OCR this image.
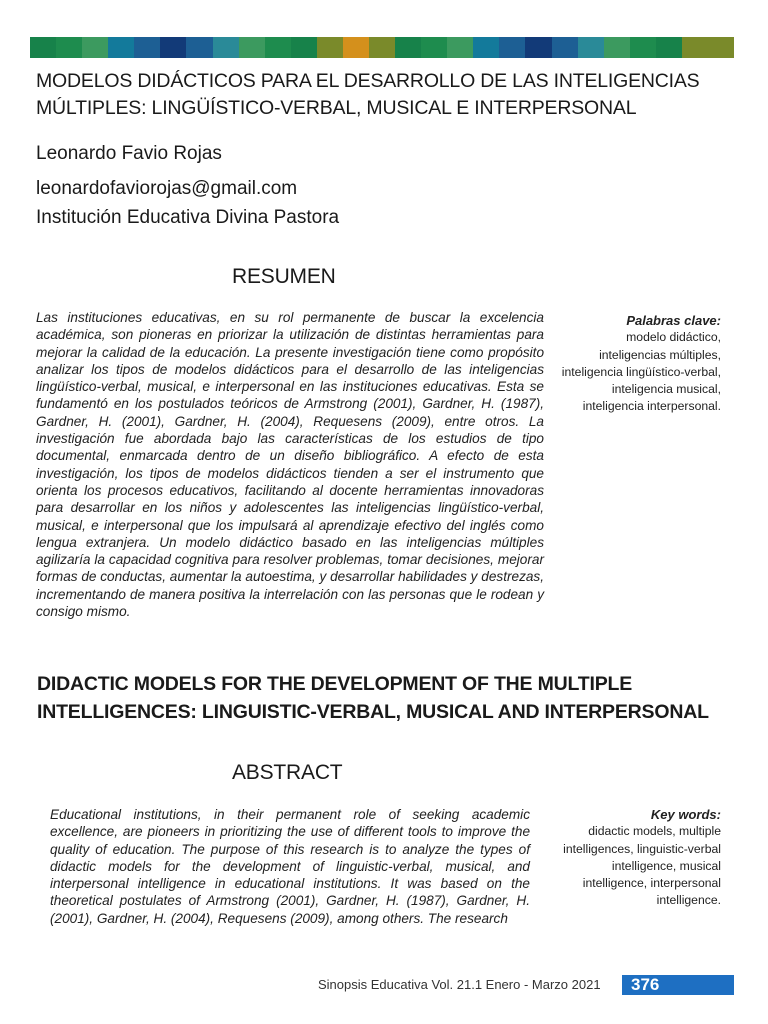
MODELOS DIDÁCTICOS PARA EL DESARROLLO DE LAS INTELIGENCIAS MÚLTIPLES: LINGÜÍSTICO-VERBAL, MUSICAL E INTERPERSONAL

Leonardo Favio Rojas

leonardofaviorojas@gmail.com

Institución Educativa Divina Pastora

RESUMEN

Las instituciones educativas, en su rol permanente de buscar la excelencia académica, son pioneras en priorizar la utilización de distintas herramientas para mejorar la calidad de la educación. La presente investigación tiene como propósito analizar los tipos de modelos didácticos para el desarrollo de las inteligencias lingüístico-verbal, musical, e interpersonal en las instituciones educativas. Esta se fundamentó en los postulados teóricos de Armstrong (2001), Gardner, H. (1987), Gardner, H. (2001), Gardner, H. (2004), Requesens (2009), entre otros. La investigación fue abordada bajo las características de los estudios de tipo documental, enmarcada dentro de un diseño bibliográfico. A efecto de esta investigación, los tipos de modelos didácticos tienden a ser el instrumento que orienta los procesos educativos, facilitando al docente herramientas innovadoras para desarrollar en los niños y adolescentes las inteligencias lingüístico-verbal, musical, e interpersonal que los impulsará al aprendizaje efectivo del inglés como lengua extranjera. Un modelo didáctico basado en las inteligencias múltiples agilizaría la capacidad cognitiva para resolver problemas, tomar decisiones, mejorar formas de conductas, aumentar la autoestima, y desarrollar habilidades y destrezas, incrementando de manera positiva la interrelación con las personas que le rodean y consigo mismo.

Palabras clave:
modelo didáctico, inteligencias múltiples, inteligencia lingüístico-verbal, inteligencia musical, inteligencia interpersonal.
DIDACTIC MODELS FOR THE DEVELOPMENT OF THE MULTIPLE INTELLIGENCES: LINGUISTIC-VERBAL, MUSICAL AND INTERPERSONAL
ABSTRACT

Educational institutions, in their permanent role of seeking academic excellence, are pioneers in prioritizing the use of different tools to improve the quality of education. The purpose of this research is to analyze the types of didactic models for the development of linguistic-verbal, musical, and interpersonal intelligence in educational institutions. It was based on the theoretical postulates of Armstrong (2001), Gardner, H. (1987), Gardner, H. (2001), Gardner, H. (2004), Requesens (2009), among others. The research

Key words:
didactic models, multiple intelligences, linguistic-verbal intelligence, musical intelligence, interpersonal intelligence.
Sinopsis Educativa Vol. 21.1 Enero - Marzo 2021	376
